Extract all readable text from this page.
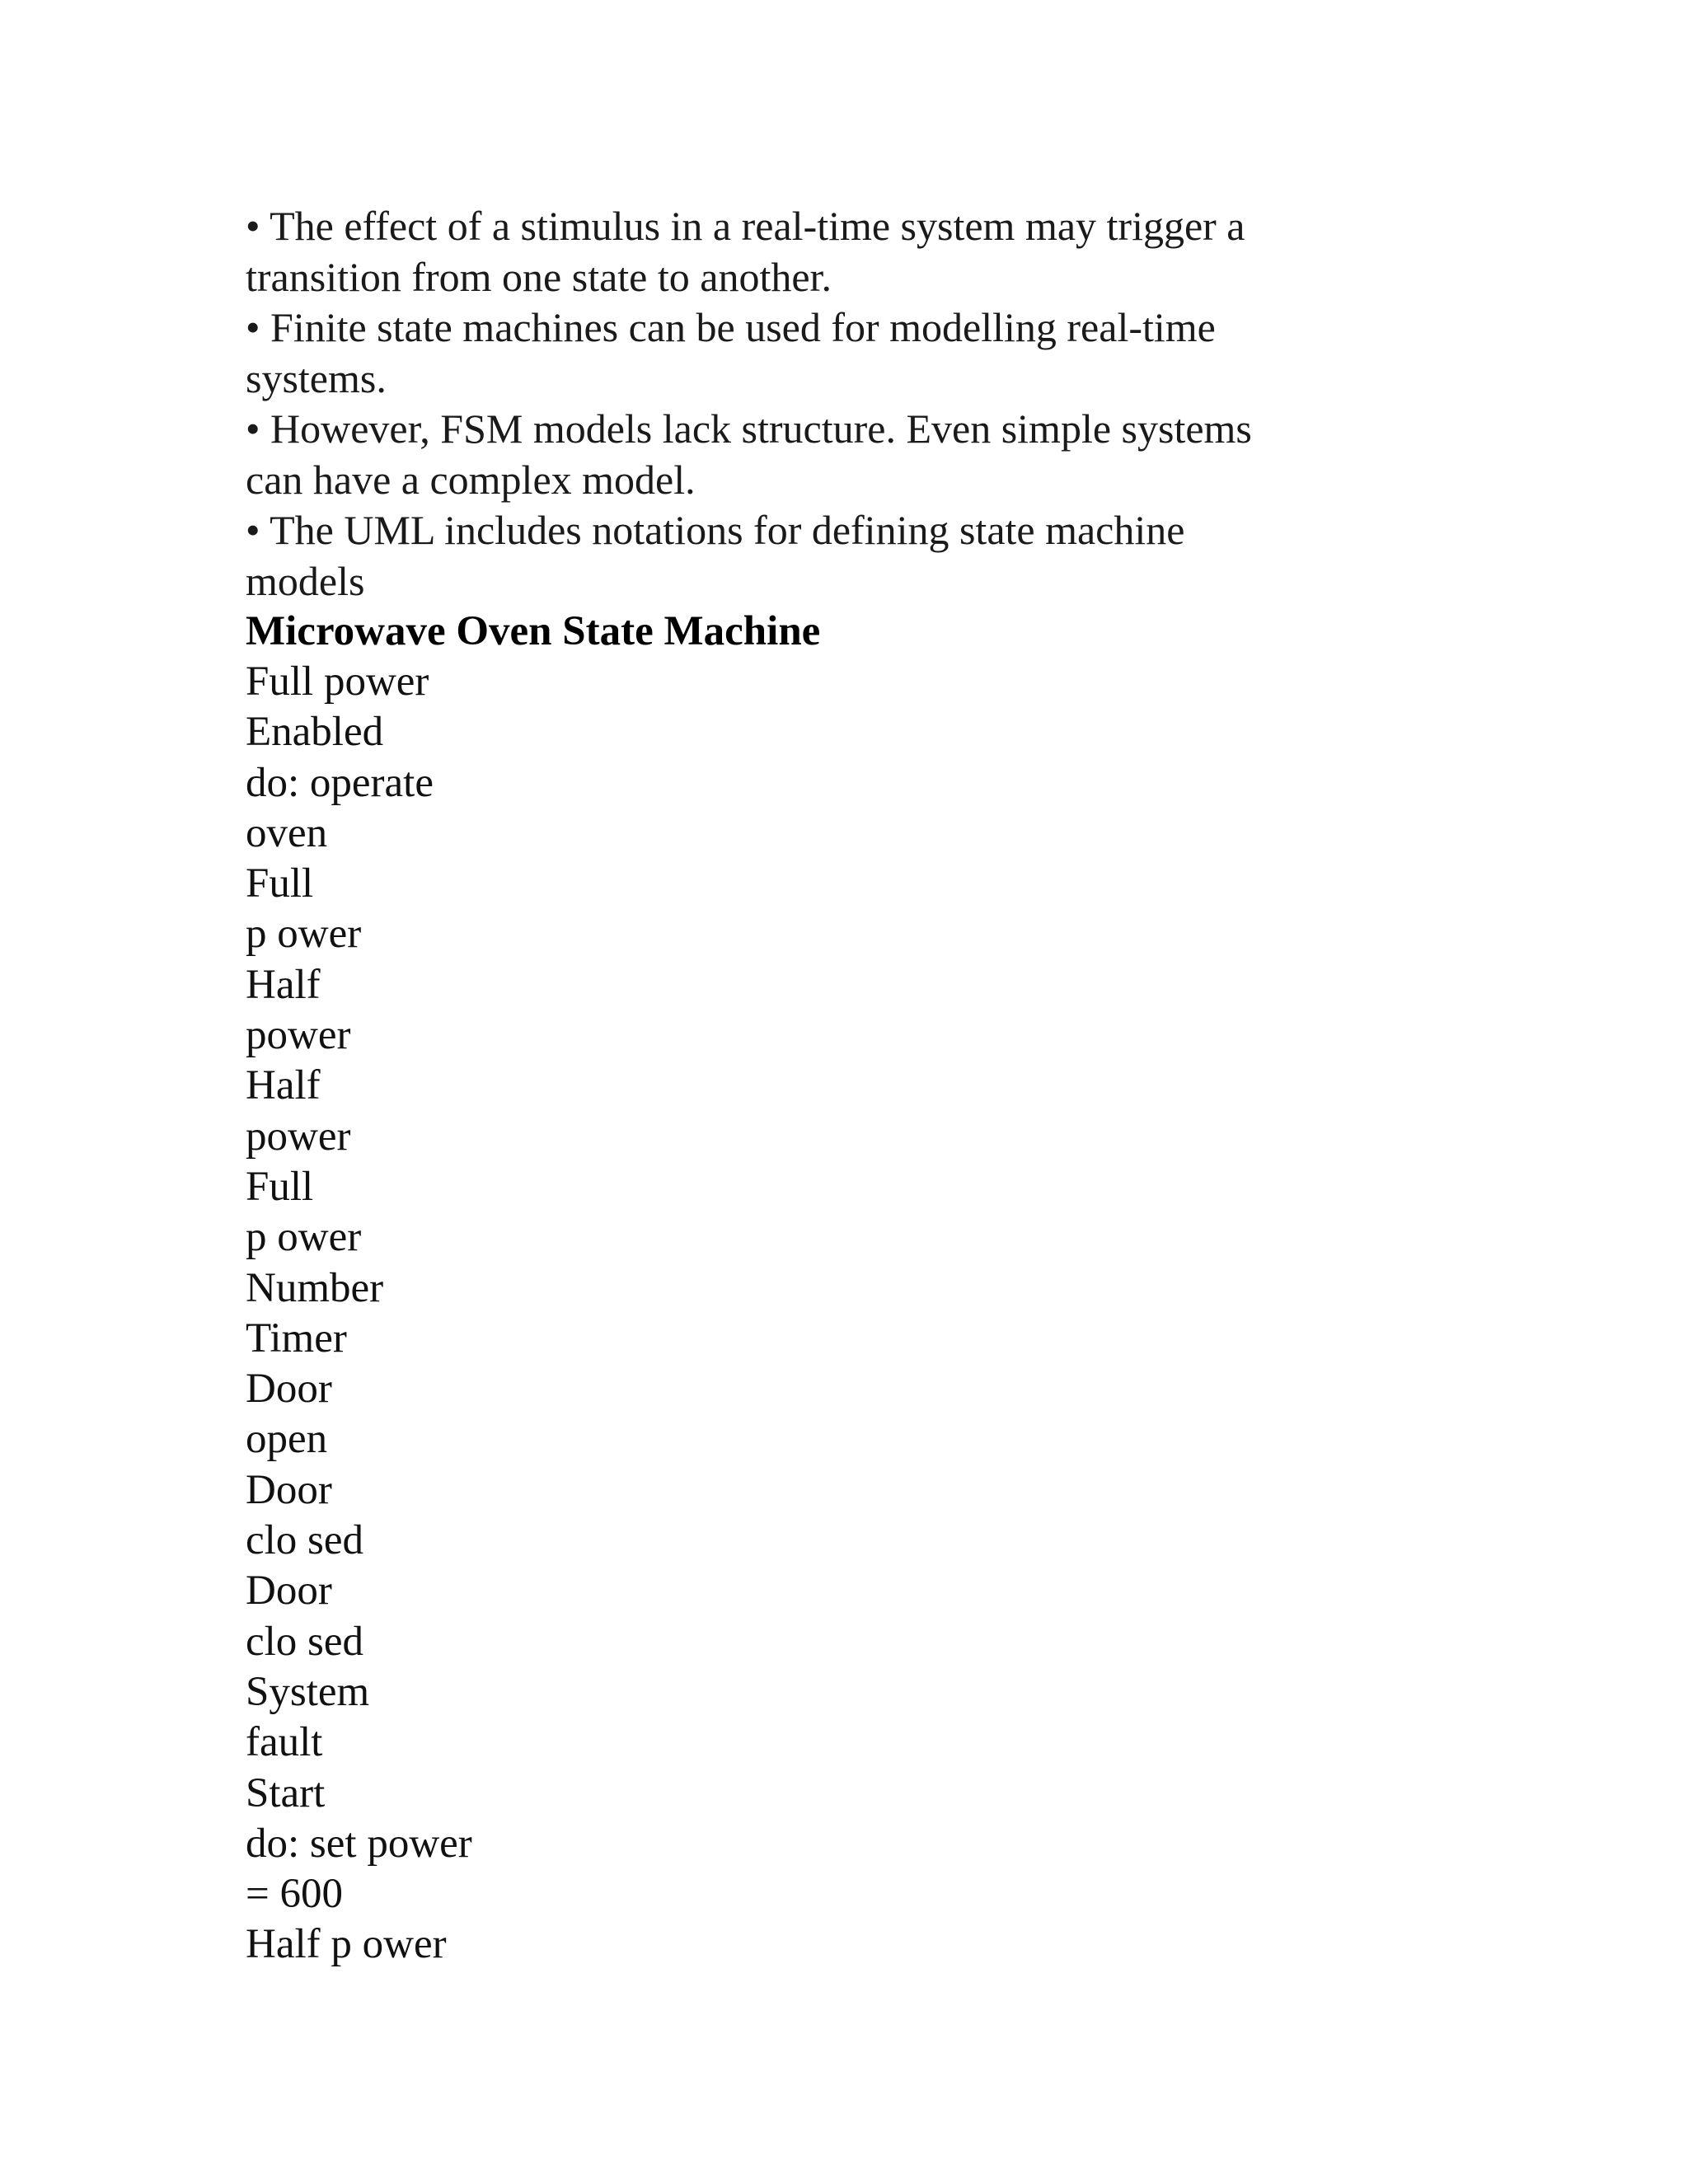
• The effect of a stimulus in a real-time system may trigger a
transition from one state to another.
• Finite state machines can be used for modelling real-time
systems.
• However, FSM models lack structure. Even simple systems
can have a complex model.
• The UML includes notations for defining state machine
models
Microwave Oven State Machine
Full power
Enabled
do: operate
oven
Full
p ower
Half
power
Half
power
Full
p ower
Number
Timer
Door
open
Door
clo sed
Door
clo sed
System
fault
Start
do: set power
= 600
Half p ower
